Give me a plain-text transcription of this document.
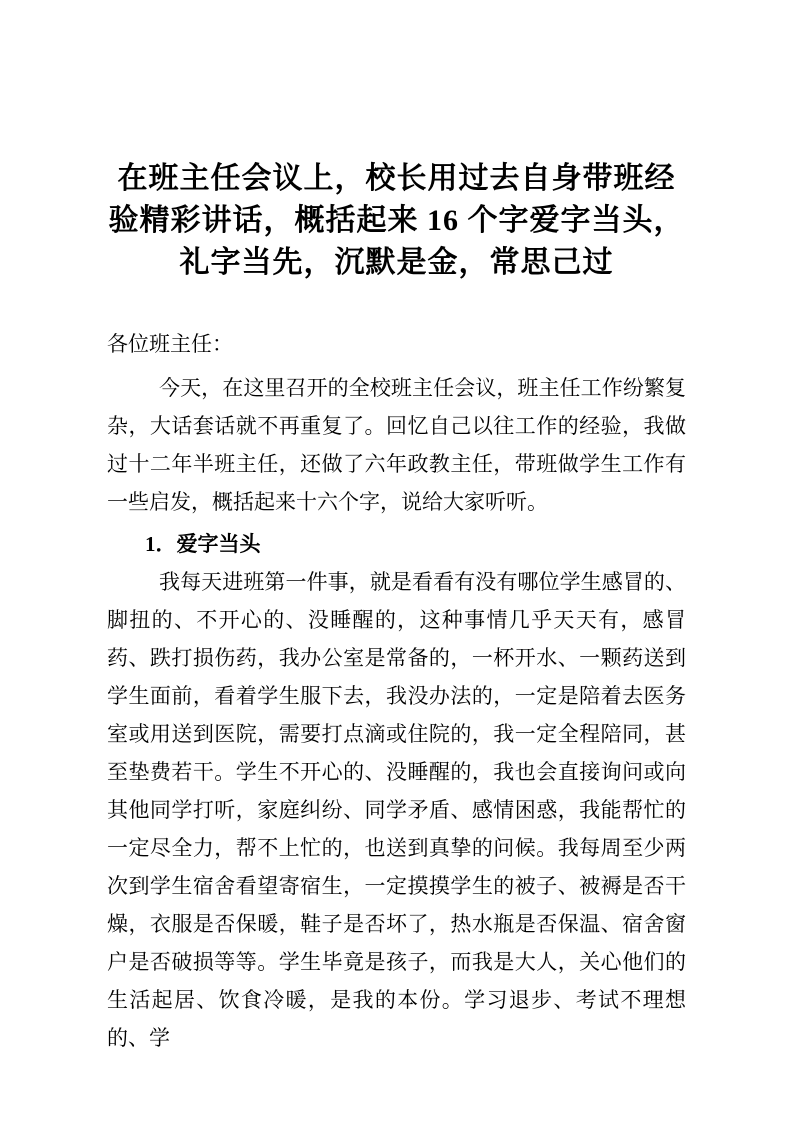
在班主任会议上，校长用过去自身带班经
验精彩讲话，概括起来 16 个字爱字当头，
礼字当先，沉默是金，常思己过

各位班主任：

今天，在这里召开的全校班主任会议，班主任工作纷繁复杂，大话套话就不再重复了。回忆自己以往工作的经验，我做过十二年半班主任，还做了六年政教主任，带班做学生工作有一些启发，概括起来十六个字，说给大家听听。

1．爱字当头

我每天进班第一件事，就是看看有没有哪位学生感冒的、脚扭的、不开心的、没睡醒的，这种事情几乎天天有，感冒药、跌打损伤药，我办公室是常备的，一杯开水、一颗药送到学生面前，看着学生服下去，我没办法的，一定是陪着去医务室或用送到医院，需要打点滴或住院的，我一定全程陪同，甚至垫费若干。学生不开心的、没睡醒的，我也会直接询问或向其他同学打听，家庭纠纷、同学矛盾、感情困惑，我能帮忙的一定尽全力，帮不上忙的，也送到真挚的问候。我每周至少两次到学生宿舍看望寄宿生，一定摸摸学生的被子、被褥是否干燥，衣服是否保暖，鞋子是否坏了，热水瓶是否保温、宿舍窗户是否破损等等。学生毕竟是孩子，而我是大人，关心他们的生活起居、饮食冷暖，是我的本份。学习退步、考试不理想的、学
